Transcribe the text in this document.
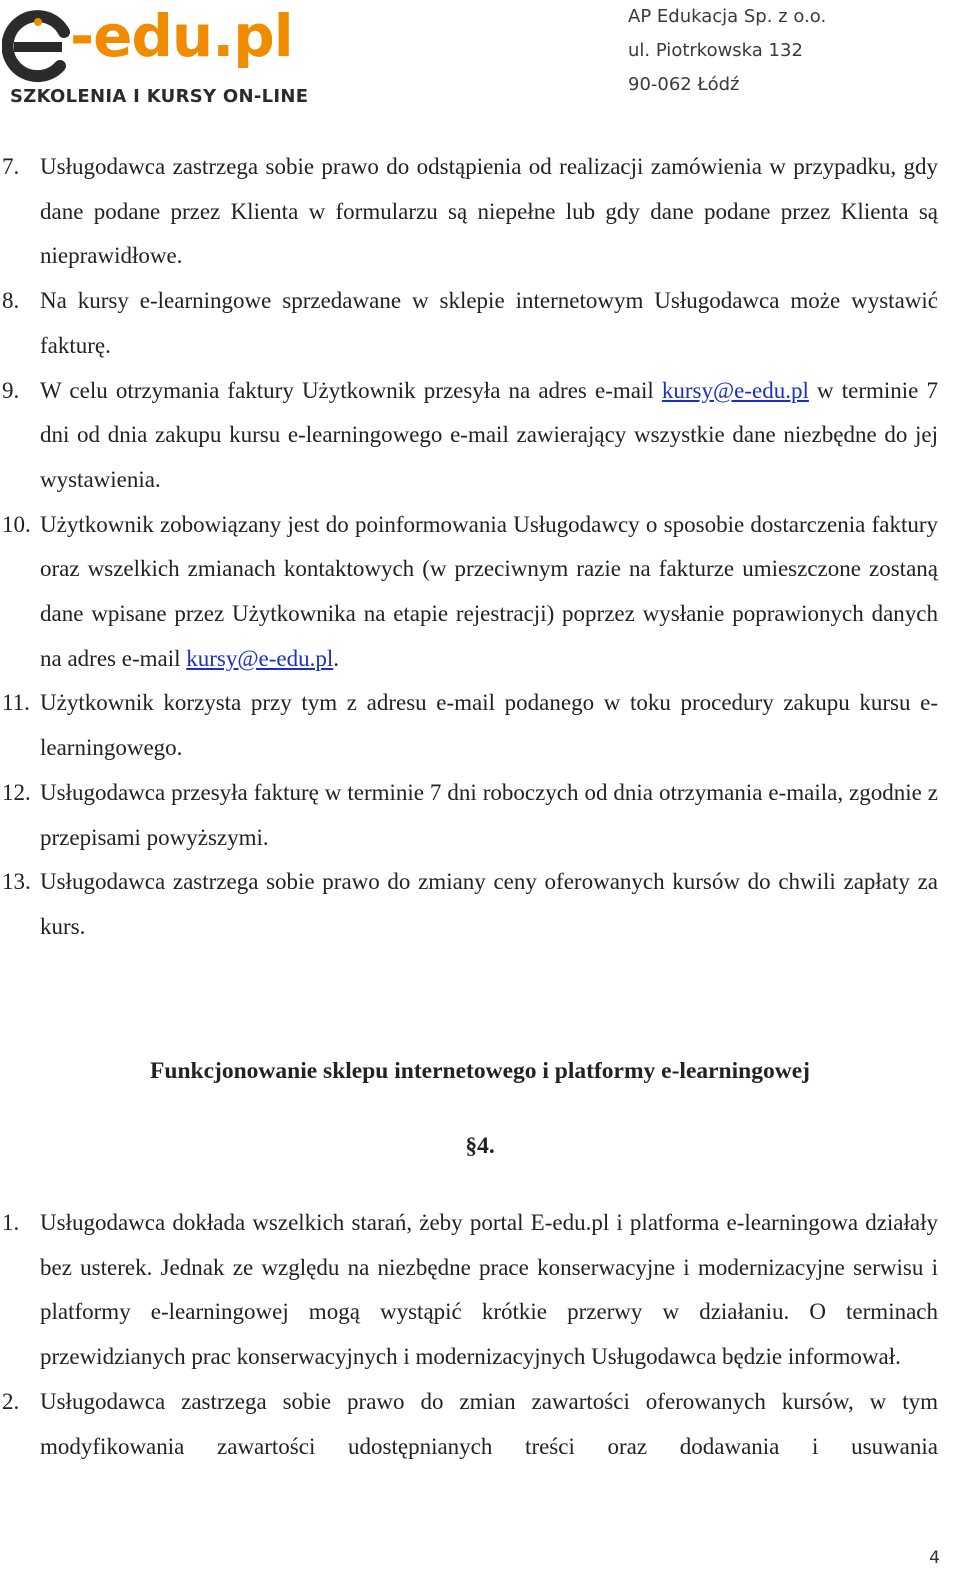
-edu.pl
SZKOLENIA I KURSY ON-LINE
AP Edukacja Sp. z o.o.
ul. Piotrkowska 132
90-062 Łódź
7. Usługodawca zastrzega sobie prawo do odstąpienia od realizacji zamówienia w przypadku, gdy dane podane przez Klienta w formularzu są niepełne lub gdy dane podane przez Klienta są nieprawidłowe.
8. Na kursy e-learningowe sprzedawane w sklepie internetowym Usługodawca może wystawić fakturę.
9. W celu otrzymania faktury Użytkownik przesyła na adres e-mail kursy@e-edu.pl w terminie 7 dni od dnia zakupu kursu e-learningowego e-mail zawierający wszystkie dane niezbędne do jej wystawienia.
10. Użytkownik zobowiązany jest do poinformowania Usługodawcy o sposobie dostarczenia faktury oraz wszelkich zmianach kontaktowych (w przeciwnym razie na fakturze umieszczone zostaną dane wpisane przez Użytkownika na etapie rejestracji) poprzez wysłanie poprawionych danych na adres e-mail kursy@e-edu.pl.
11. Użytkownik korzysta przy tym z adresu e-mail podanego w toku procedury zakupu kursu e-learningowego.
12. Usługodawca przesyła fakturę w terminie 7 dni roboczych od dnia otrzymania e-maila, zgodnie z przepisami powyższymi.
13. Usługodawca zastrzega sobie prawo do zmiany ceny oferowanych kursów do chwili zapłaty za kurs.
Funkcjonowanie sklepu internetowego i platformy e-learningowej
§4.
1. Usługodawca dokłada wszelkich starań, żeby portal E-edu.pl i platforma e-learningowa działały bez usterek. Jednak ze względu na niezbędne prace konserwacyjne i modernizacyjne serwisu i platformy e-learningowej mogą wystąpić krótkie przerwy w działaniu. O terminach przewidzianych prac konserwacyjnych i modernizacyjnych Usługodawca będzie informował.
2. Usługodawca zastrzega sobie prawo do zmian zawartości oferowanych kursów, w tym modyfikowania zawartości udostępnianych treści oraz dodawania i usuwania
4
